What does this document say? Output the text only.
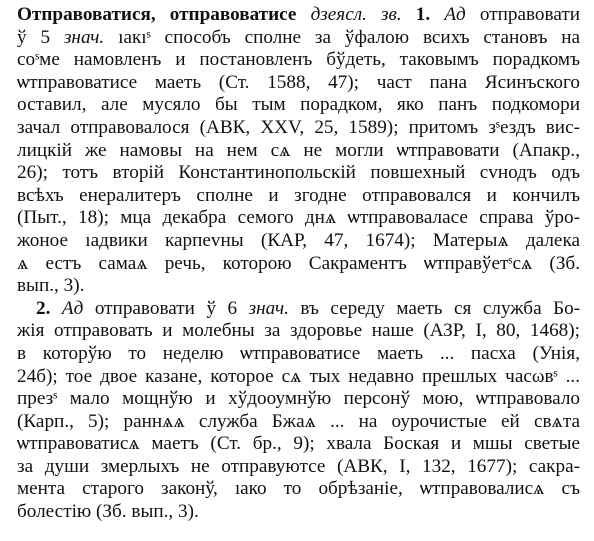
Отправоватися, отправоватисе дзеясл. зв. 1. Ад отправовати
ў 5 знач. ıакıˢ способъ сполне за ўфалою всихъ становъ на
соˢме намовленъ и постановленъ бўдеть, таковымъ порадкомъ
ѡтправоватисе маеть (Ст. 1588, 47); част пана Ясинъского
оставил, але мусяло бы тым порадком, яко панъ подкомори
зачал отправовалося (АВК, XXV, 25, 1589); притомъ зˢездъ вис-
лицкій же намовы на нем сѧ не могли ѡтправовати (Апакр.,
26); тотъ вторій Константинопольскій повшехный сvнодъ одъ
всѣхъ енералитеръ сполне и згодне отправовался и кончилъ
(Пыт., 18); мца декабра семого днѧ ѡтправоваласе справа ўро-
жоное ıадвики карпеvны (КАР, 47, 1674); Матерыѧ далека
ѧ естъ самаѧ речь, которою Сакраментъ ѡтправўетˢсѧ (Зб.
вып., 3).
2. Ад отправовати ў 6 знач. въ середу маеть ся служба Бо-
жія отправовать и молебны за здоровье наше (АЗР, I, 80, 1468);
в которўю то неделю ѡтправоватисе маеть ... пасха (Унія,
24б); тое двое казане, которое сѧ тых недавно прешлых часωвˢ ...
презˢ мало мощнўю и хўдооумнўю персонў мою, ѡтправовало
(Карп., 5); раннѧѧ служба Бжаѧ ... на оурочистые ей свѧта
ѡтправоватисѧ маетъ (Ст. бр., 9); хвала Боская и мшы светые
за души змерлыхъ не отправуютсе (АВК, I, 132, 1677); сакра-
мента старого законў, ıако то обрѣзаніе, ѡтправовалисѧ съ
болестію (Зб. вып., 3).
